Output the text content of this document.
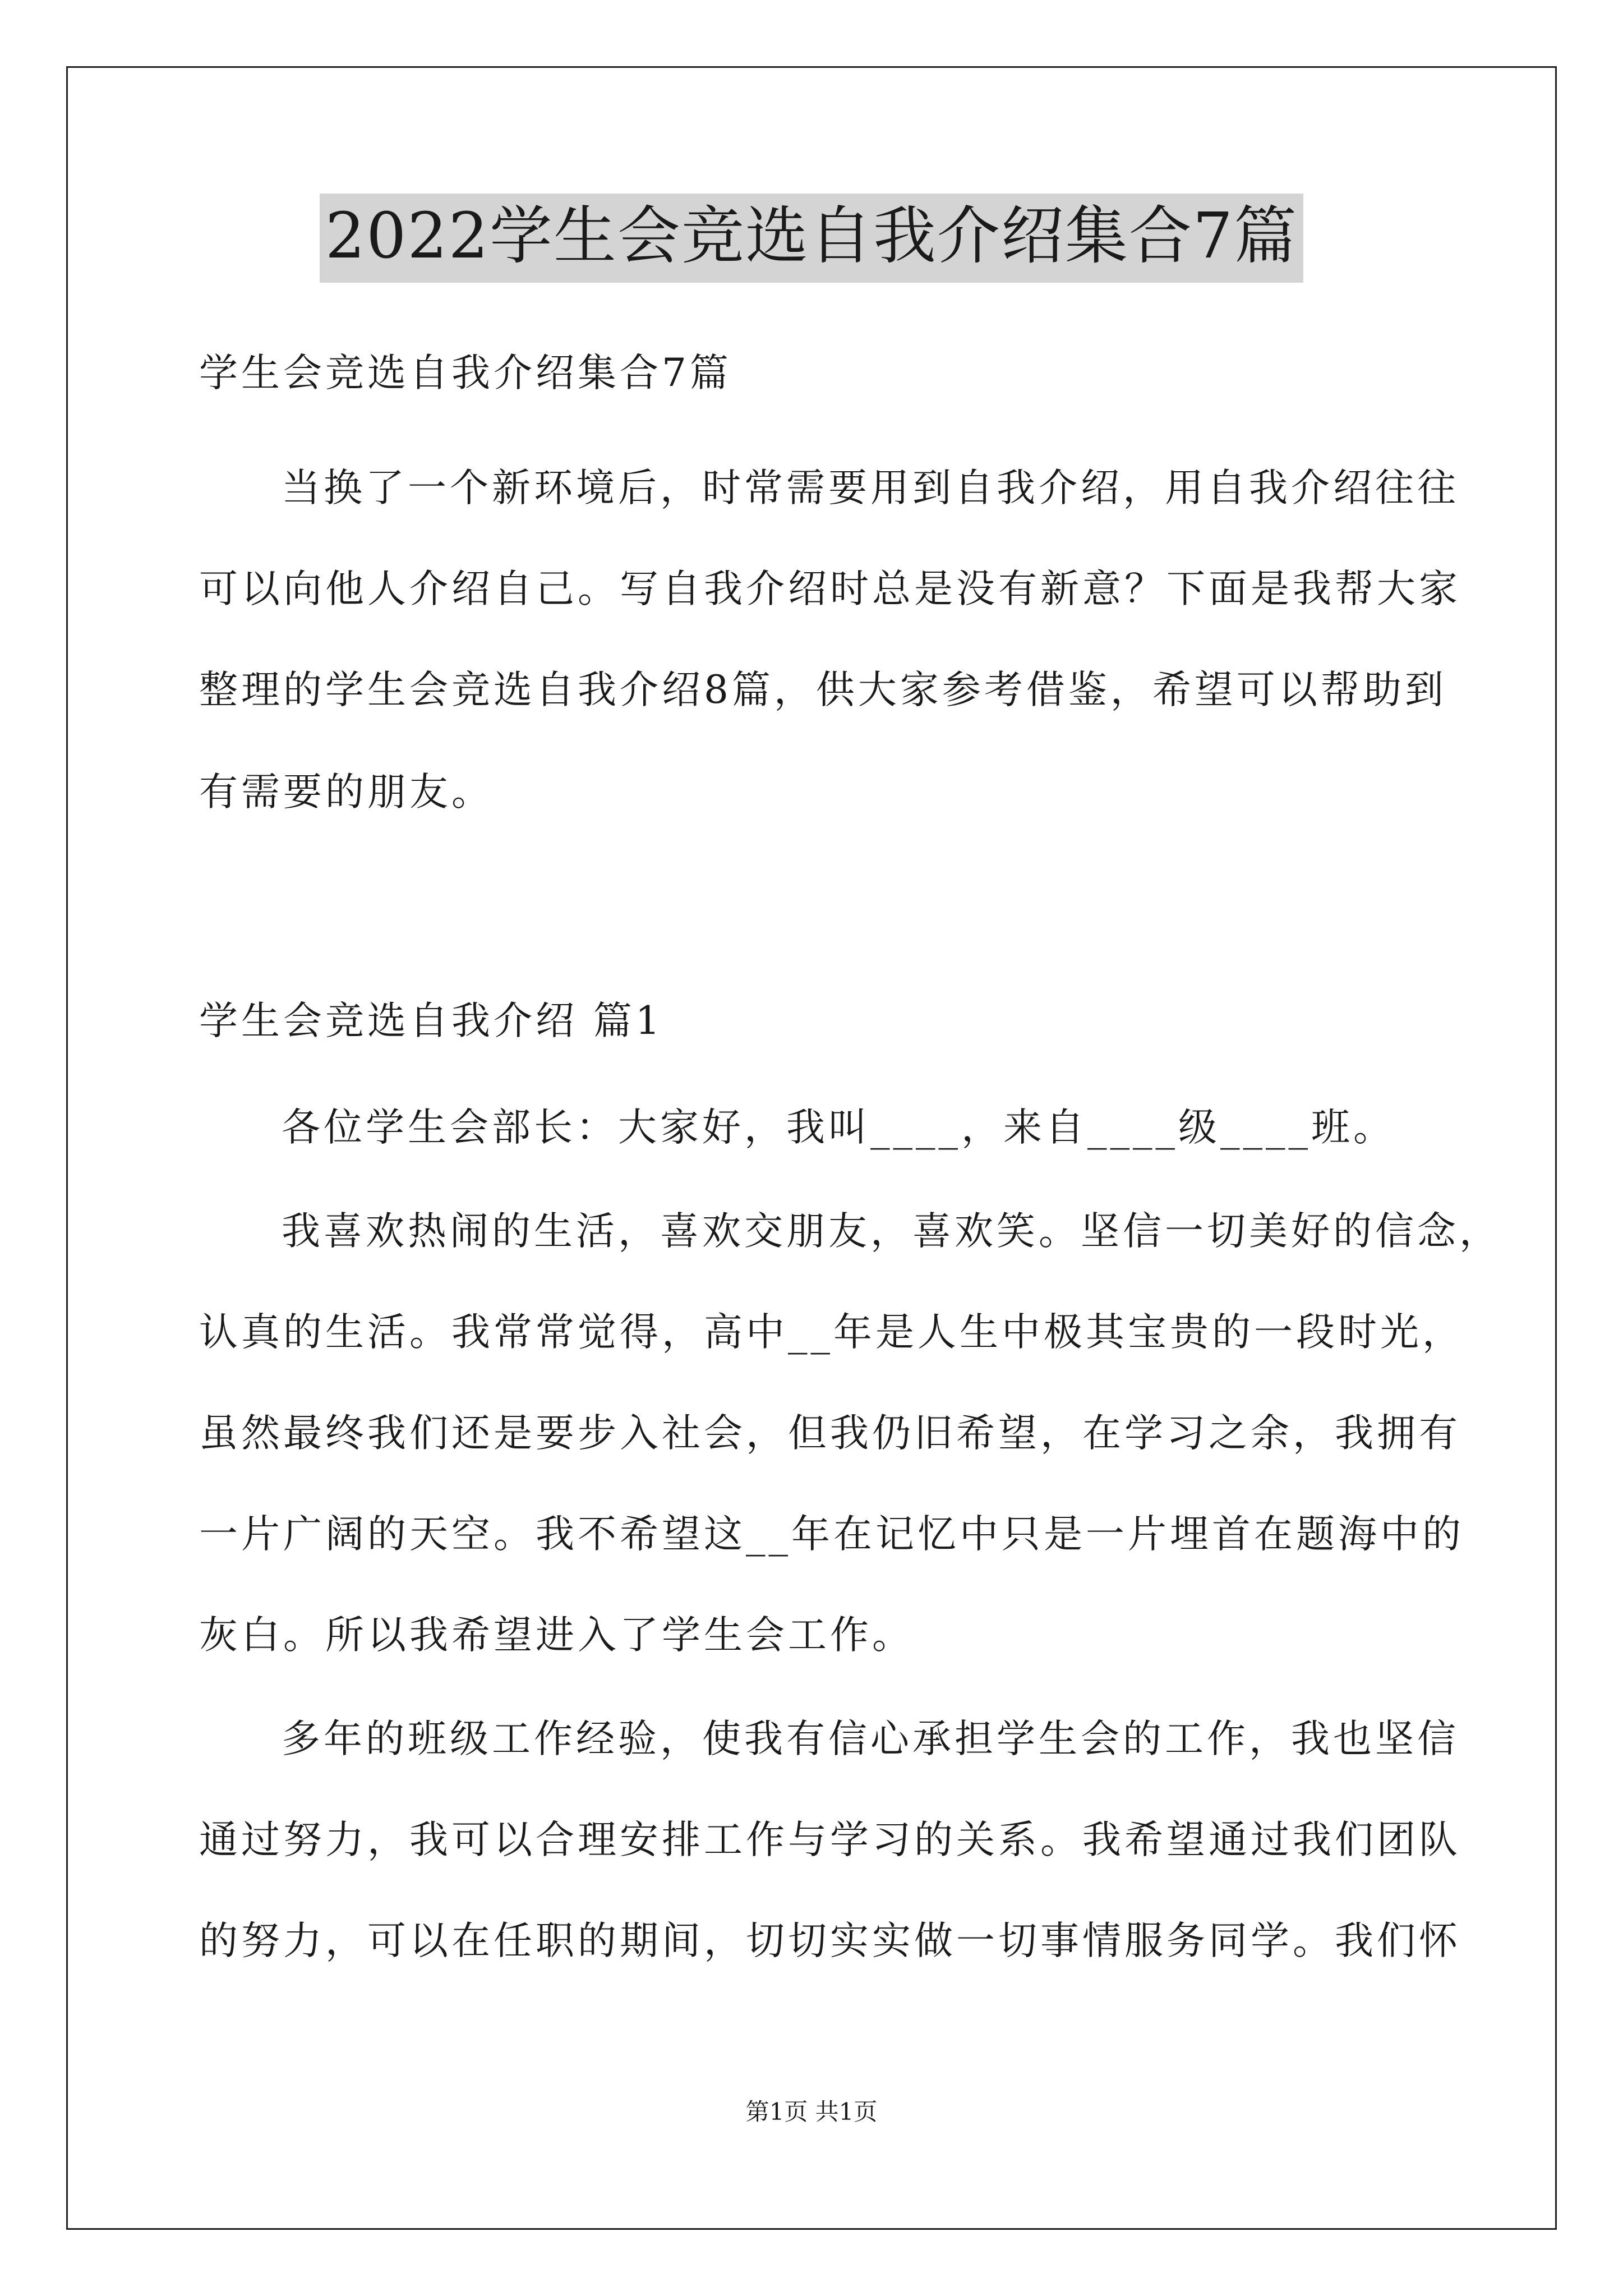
2022学生会竞选自我介绍集合7篇

学生会竞选自我介绍集合7篇

当换了一个新环境后，时常需要用到自我介绍，用自我介绍往往

可以向他人介绍自己。写自我介绍时总是没有新意？下面是我帮大家

整理的学生会竞选自我介绍8篇，供大家参考借鉴，希望可以帮助到

有需要的朋友。

学生会竞选自我介绍 篇1

各位学生会部长：大家好，我叫____，来自____级____班。

我喜欢热闹的生活，喜欢交朋友，喜欢笑。坚信一切美好的信念，

认真的生活。我常常觉得，高中__年是人生中极其宝贵的一段时光，

虽然最终我们还是要步入社会，但我仍旧希望，在学习之余，我拥有

一片广阔的天空。我不希望这__年在记忆中只是一片埋首在题海中的

灰白。所以我希望进入了学生会工作。

多年的班级工作经验，使我有信心承担学生会的工作，我也坚信

通过努力，我可以合理安排工作与学习的关系。我希望通过我们团队

的努力，可以在任职的期间，切切实实做一切事情服务同学。我们怀

第1页 共1页
